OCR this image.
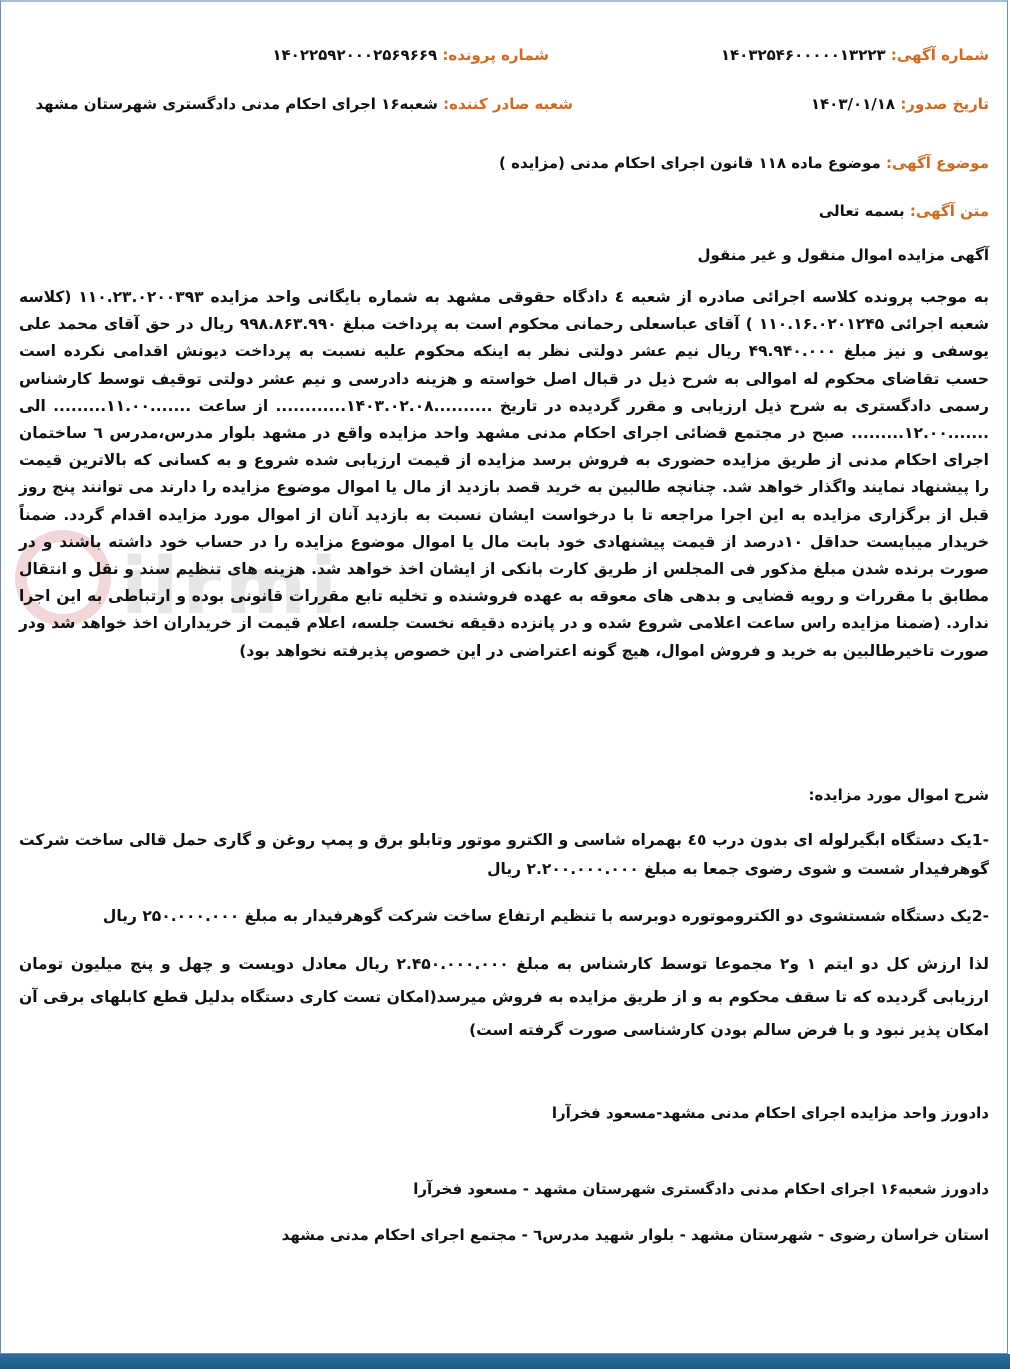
شماره آگهی: ۱۴۰۳۲۵۴۶۰۰۰۰۰۱۳۲۲۳
شماره پرونده: ۱۴۰۲۲۵۹۲۰۰۰۲۵۶۹۶۶۹
تاریخ صدور: ۱۴۰۳/۰۱/۱۸
شعبه صادر کننده: شعبه۱۶ اجرای احکام مدنی دادگستری شهرستان مشهد
موضوع آگهی: موضوع ماده ۱۱۸ قانون اجرای احکام مدنی (مزایده )
متن آگهی: بسمه تعالی
آگهی مزایده اموال منقول و غیر منقول
ilrmi
به موجب پرونده کلاسه اجرائی صادره از شعبه ٤ دادگاه حقوقی مشهد به شماره بایگانی واحد مزایده ۱۱۰.۲۳.۰۲۰۰۳۹۳ (کلاسه شعبه اجرائی ۱۱۰.۱۶.۰۲۰۱۲۴۵ ) آقای عباسعلی رحمانی محکوم است به پرداخت مبلغ ۹۹۸.۸۶۳.۹۹۰ ریال در حق آقای محمد علی یوسفی و نیز مبلغ ۴۹.۹۴۰.۰۰۰ ریال نیم عشر دولتی نظر به اینکه محکوم علیه نسبت به پرداخت دیونش اقدامی نکرده است حسب تقاضای محکوم له اموالی به شرح ذیل در قبال اصل خواسته و هزینه دادرسی و نیم عشر دولتی توقیف توسط کارشناس رسمی دادگستری به شرح ذیل ارزیابی و مقرر گردیده در تاریخ ..........۱۴۰۳.۰۲.۰۸............ از ساعت .......۱۱.۰۰......... الی .......۱۲.۰۰......... صبح در مجتمع قضائی اجرای احکام مدنی مشهد واحد مزایده واقع در مشهد بلوار مدرس،مدرس ٦ ساختمان اجرای احکام مدنی از طریق مزایده حضوری به فروش برسد مزایده از قیمت ارزیابی شده شروع و به کسانی که بالاترین قیمت را پیشنهاد نمایند واگذار خواهد شد. چنانچه طالبین به خرید قصد بازدید از مال یا اموال موضوع مزایده را دارند می توانند پنج روز قبل از برگزاری مزایده به این اجرا مراجعه تا با درخواست ایشان نسبت به بازدید آنان از اموال مورد مزایده اقدام گردد. ضمناً خریدار میبایست حداقل ۱۰درصد از قیمت پیشنهادی خود بابت مال یا اموال موضوع مزایده را در حساب خود داشته باشند و در صورت برنده شدن مبلغ مذکور فی المجلس از طریق کارت بانکی از ایشان اخذ خواهد شد. هزینه های تنظیم سند و نقل و انتقال مطابق با مقررات و رویه قضایی و بدهی های معوقه به عهده فروشنده و تخلیه تابع مقررات قانونی بوده و ارتباطی به این اجرا ندارد. (ضمنا مزایده راس ساعت اعلامی شروع شده و در پانزده دقیقه نخست جلسه، اعلام قیمت از خریداران اخذ خواهد شد ودر صورت تاخیرطالبین به خرید و فروش اموال، هیچ گونه اعتراضی در این خصوص پذیرفته نخواهد بود)
شرح اموال مورد مزایده:
-1یک دستگاه ابگیرلوله ای بدون درب ٤٥ بهمراه شاسی و الکترو موتور وتابلو برق و پمپ روغن و گاری حمل قالی ساخت شرکت گوهرفیدار شست و شوی رضوی جمعا به مبلغ ۲.۲۰۰.۰۰۰.۰۰۰ ریال
-2یک دستگاه شستشوی دو الکتروموتوره دوبرسه با تنظیم ارتفاع ساخت شرکت گوهرفیدار به مبلغ ۲۵۰.۰۰۰.۰۰۰ ریال
لذا ارزش کل دو ایتم ۱ و۲ مجموعا توسط کارشناس به مبلغ ۲.۴۵۰.۰۰۰.۰۰۰ ریال معادل دویست و چهل و پنج میلیون تومان ارزیابی گردیده که تا سقف محکوم به و از طریق مزایده به فروش میرسد(امکان تست کاری دستگاه بدلیل قطع کابلهای برقی آن امکان پذیر نبود و با فرض سالم بودن کارشناسی صورت گرفته است)
دادورز واحد مزایده اجرای احکام مدنی مشهد-مسعود فخرآرا
دادورز شعبه۱۶ اجرای احکام مدنی دادگستری شهرستان مشهد - مسعود فخرآرا
استان خراسان رضوی - شهرستان مشهد - بلوار شهید مدرس٦ - مجتمع اجرای احکام مدنی مشهد
